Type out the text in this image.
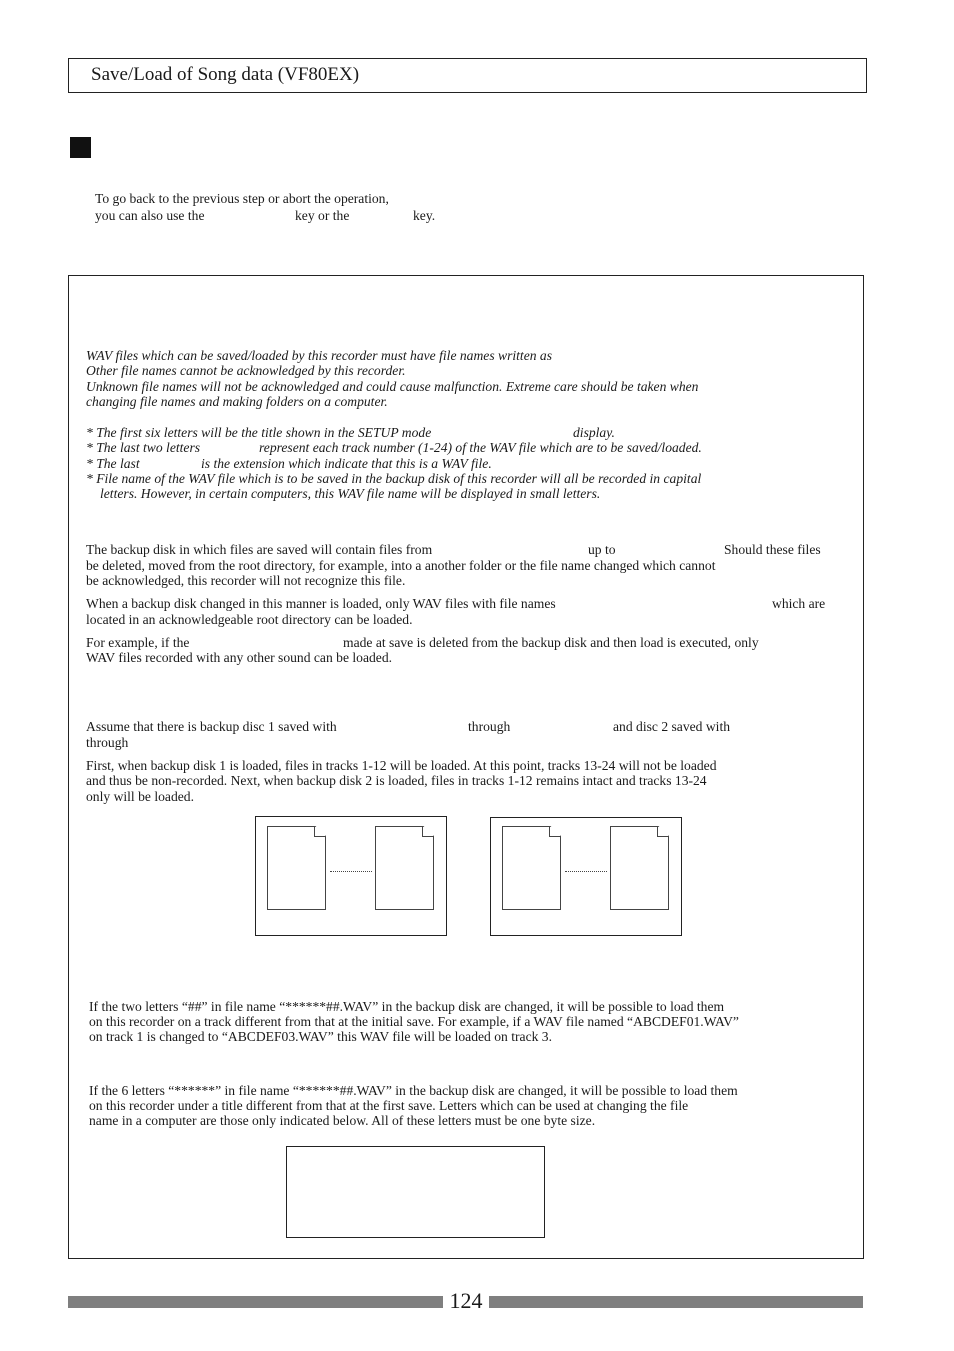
Save/Load of Song data (VF80EX)
To go back to the previous step or abort the operation,
you can also use the	key or the	key.
WAV files which can be saved/loaded by this recorder must have file names written as
Other file names cannot be acknowledged by this recorder.
Unknown file names will not be acknowledged and could cause malfunction. Extreme care should be taken when
changing file names and making folders on a computer.
* The first six letters will be the title shown in the SETUP mode	display.
* The last two letters	represent each track number (1-24) of the WAV file which are to be saved/loaded.
* The last	is the extension which indicate that this is a WAV file.
* File name of the WAV file which is to be saved in the backup disk of this recorder will all be recorded in capital
letters. However, in certain computers, this WAV file name will be displayed in small letters.
The backup disk in which files are saved will contain files from	up to	Should these files
be deleted, moved from the root directory, for example, into a another folder or the file name changed which cannot
be acknowledged, this recorder will not recognize this file.
When a backup disk changed in this manner is loaded, only WAV files with file names	which are
located in an acknowledgeable root directory can be loaded.
For example, if the	made at save is deleted from the backup disk and then load is executed, only
WAV files recorded with any other sound can be loaded.
Assume that there is backup disc 1 saved with	through	and disc 2 saved with
through
First, when backup disk 1 is loaded, files in tracks 1-12 will be loaded. At this point, tracks 13-24 will not be loaded
and thus be non-recorded. Next, when backup disk 2 is loaded, files in tracks 1-12 remains intact and tracks 13-24
only will be loaded.
If the two letters “##” in file name “******##.WAV” in the backup disk are changed, it will be possible to load them
on this recorder on a track different from that at the initial save. For example, if a WAV file named “ABCDEF01.WAV”
on track 1 is changed to “ABCDEF03.WAV” this WAV file will be loaded on track 3.
If the 6 letters “******” in file name “******##.WAV” in the backup disk are changed, it will be possible to load them
on this recorder under a title different from that at the first save. Letters which can be used at changing the file
name in a computer are those only indicated below. All of these letters must be one byte size.
124
